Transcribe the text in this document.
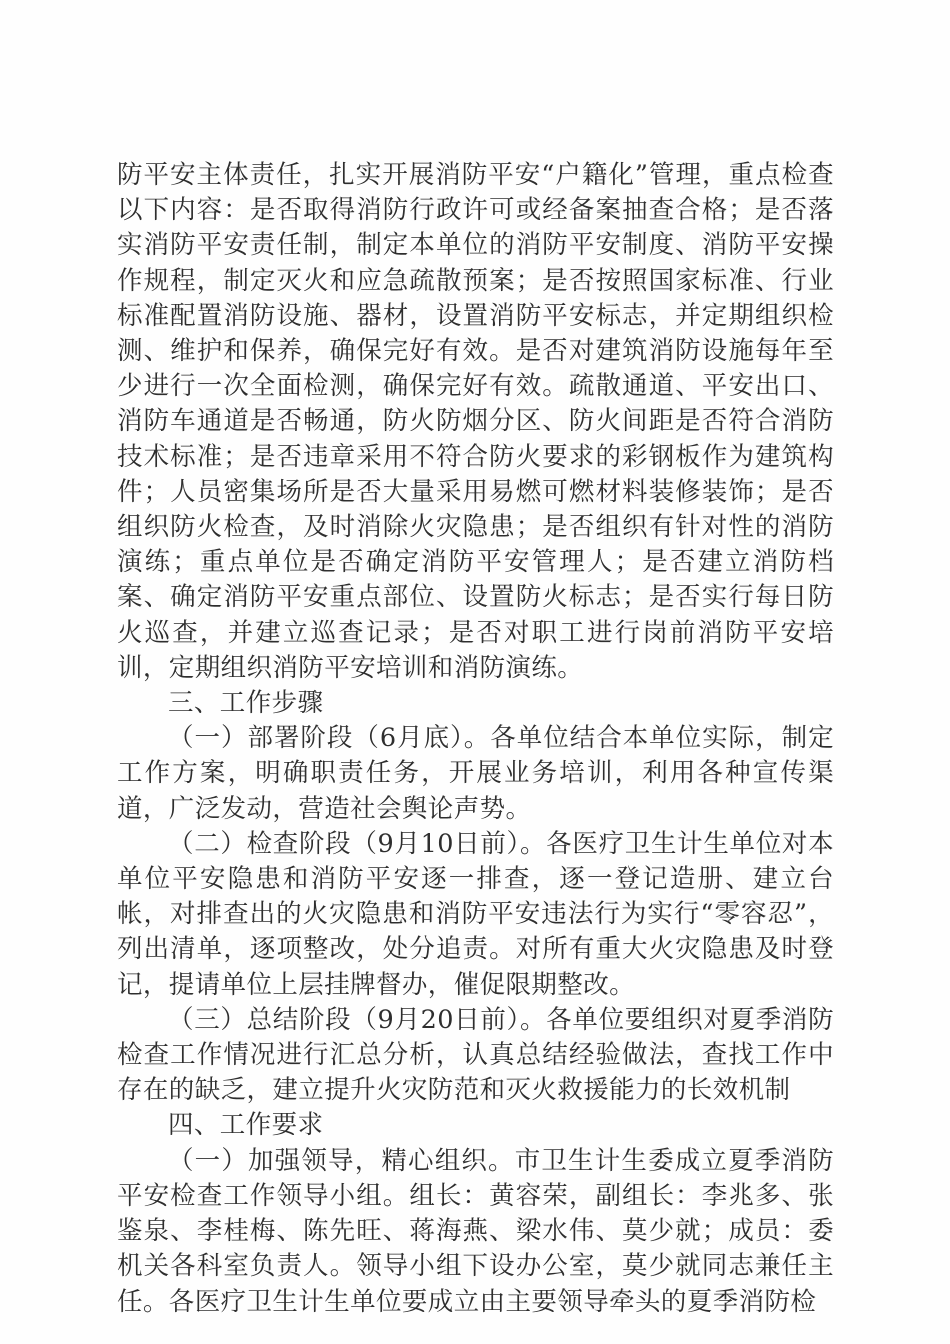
防平安主体责任，扎实开展消防平安“户籍化”管理，重点检查以下内容：是否取得消防行政许可或经备案抽查合格；是否落实消防平安责任制，制定本单位的消防平安制度、消防平安操作规程，制定灭火和应急疏散预案；是否按照国家标准、行业标准配置消防设施、器材，设置消防平安标志，并定期组织检测、维护和保养，确保完好有效。是否对建筑消防设施每年至少进行一次全面检测，确保完好有效。疏散通道、平安出口、消防车通道是否畅通，防火防烟分区、防火间距是否符合消防技术标准；是否违章采用不符合防火要求的彩钢板作为建筑构件；人员密集场所是否大量采用易燃可燃材料装修装饰；是否组织防火检查，及时消除火灾隐患；是否组织有针对性的消防演练；重点单位是否确定消防平安管理人；是否建立消防档案、确定消防平安重点部位、设置防火标志；是否实行每日防火巡查，并建立巡查记录；是否对职工进行岗前消防平安培训，定期组织消防平安培训和消防演练。

三、工作步骤

（一）部署阶段（6月底）。各单位结合本单位实际，制定工作方案，明确职责任务，开展业务培训，利用各种宣传渠道，广泛发动，营造社会舆论声势。

（二）检查阶段（9月10日前）。各医疗卫生计生单位对本单位平安隐患和消防平安逐一排查，逐一登记造册、建立台帐，对排查出的火灾隐患和消防平安违法行为实行“零容忍”，列出清单，逐项整改，处分追责。对所有重大火灾隐患及时登记，提请单位上层挂牌督办，催促限期整改。

（三）总结阶段（9月20日前）。各单位要组织对夏季消防检查工作情况进行汇总分析，认真总结经验做法，查找工作中存在的缺乏，建立提升火灾防范和灭火救援能力的长效机制

四、工作要求

（一）加强领导，精心组织。市卫生计生委成立夏季消防平安检查工作领导小组。组长：黄容荣，副组长：李兆多、张鉴泉、李桂梅、陈先旺、蒋海燕、梁水伟、莫少就；成员：委机关各科室负责人。领导小组下设办公室，莫少就同志兼任主任。各医疗卫生计生单位要成立由主要领导牵头的夏季消防检
